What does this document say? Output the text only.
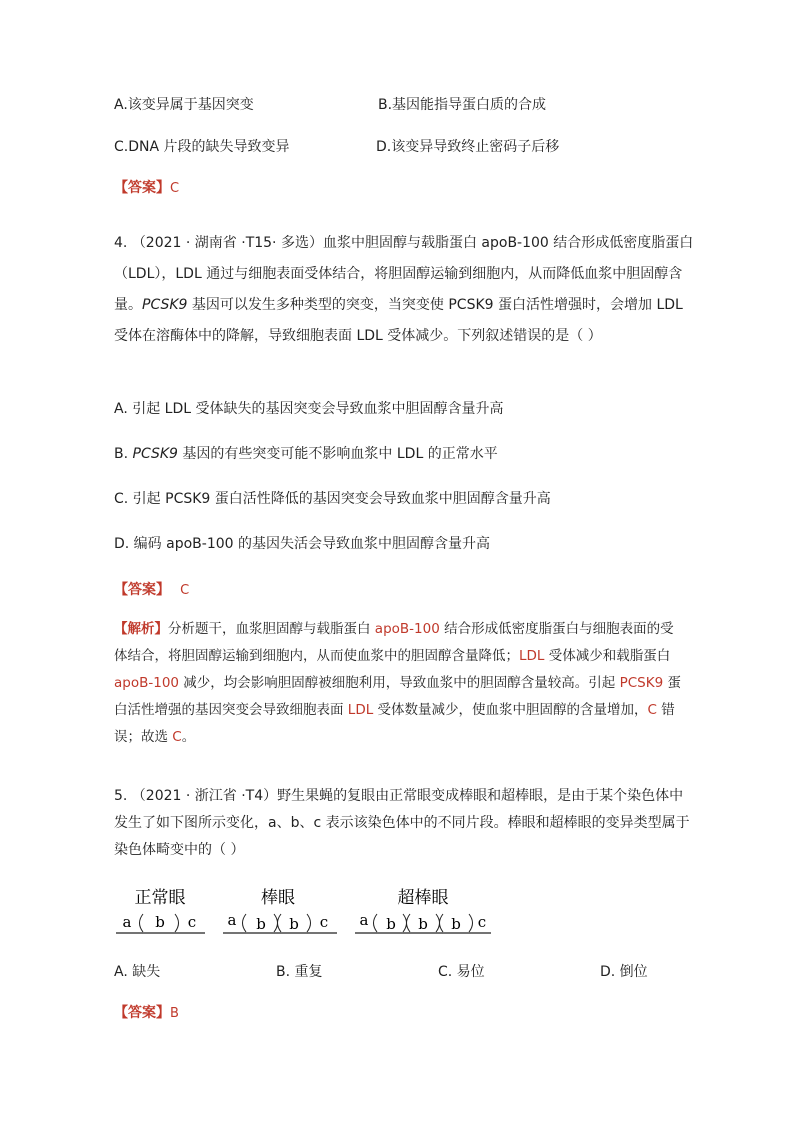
A.该变异属于基因突变	B.基因能指导蛋白质的合成
C.DNA 片段的缺失导致变异	D.该变异导致终止密码子后移
【答案】C
4. （2021 · 湖南省 ·T15· 多选）血浆中胆固醇与载脂蛋白 apoB-100 结合形成低密度脂蛋白
（LDL），LDL 通过与细胞表面受体结合，将胆固醇运输到细胞内，从而降低血浆中胆固醇含
量。PCSK9 基因可以发生多种类型的突变，当突变使 PCSK9 蛋白活性增强时，会增加 LDL
受体在溶酶体中的降解，导致细胞表面 LDL 受体减少。下列叙述错误的是（ ）
A. 引起 LDL 受体缺失的基因突变会导致血浆中胆固醇含量升高
B. PCSK9 基因的有些突变可能不影响血浆中 LDL 的正常水平
C. 引起 PCSK9 蛋白活性降低的基因突变会导致血浆中胆固醇含量升高
D. 编码 apoB-100 的基因失活会导致血浆中胆固醇含量升高
【答案】 C
【解析】分析题干，血浆胆固醇与载脂蛋白 apoB-100 结合形成低密度脂蛋白与细胞表面的受
体结合，将胆固醇运输到细胞内，从而使血浆中的胆固醇含量降低；LDL 受体减少和载脂蛋白
apoB-100 减少，均会影响胆固醇被细胞利用，导致血浆中的胆固醇含量较高。引起 PCSK9 蛋
白活性增强的基因突变会导致细胞表面 LDL 受体数量减少，使血浆中胆固醇的含量增加，C 错
误；故选 C。
5. （2021 · 浙江省 ·T4）野生果蝇的复眼由正常眼变成棒眼和超棒眼，是由于某个染色体中
发生了如下图所示变化，a、b、c 表示该染色体中的不同片段。棒眼和超棒眼的变异类型属于
染色体畸变中的（ ）
正常眼	棒眼	超棒眼
a b c a b b c a b b b c
A. 缺失	B. 重复	C. 易位	D. 倒位
【答案】B
